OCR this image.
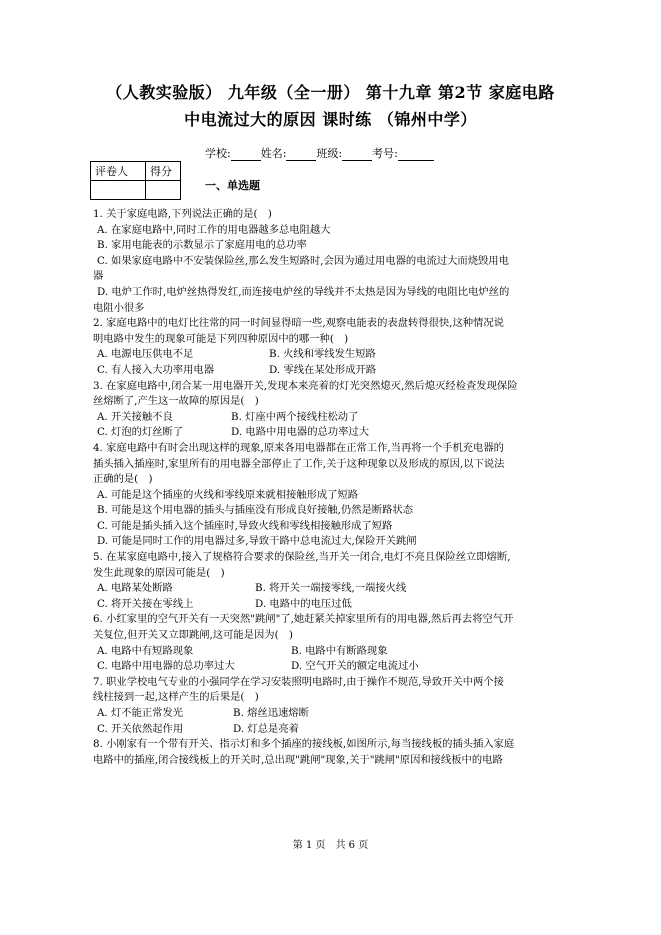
（人教实验版） 九年级（全一册） 第十九章 第2节 家庭电路
中电流过大的原因 课时练 （锦州中学）
学校:	姓名:	班级:	考号:
评卷人	得分

一、单选题
1. 关于家庭电路,下列说法正确的是(　)
A. 在家庭电路中,同时工作的用电器越多总电阻越大
B. 家用电能表的示数显示了家庭用电的总功率
C. 如果家庭电路中不安装保险丝,那么发生短路时,会因为通过用电器的电流过大而烧毁用电
器
D. 电炉工作时,电炉丝热得发红,而连接电炉丝的导线并不太热是因为导线的电阻比电炉丝的
电阻小很多
2. 家庭电路中的电灯比往常的同一时间显得暗一些,观察电能表的表盘转得很快,这种情况说
明电路中发生的现象可能是下列四种原因中的哪一种(　)
A. 电源电压供电不足	B. 火线和零线发生短路
C. 有人接入大功率用电器	D. 零线在某处形成开路
3. 在家庭电路中,闭合某一用电器开关,发现本来亮着的灯光突然熄灭,然后熄灭经检查发现保险
丝熔断了,产生这一故障的原因是(　)
A. 开关接触不良	B. 灯座中两个接线柱松动了
C. 灯泡的灯丝断了	D. 电路中用电器的总功率过大
4. 家庭电路中有时会出现这样的现象,原来各用电器都在正常工作,当再将一个手机充电器的
插头插入插座时,家里所有的用电器全部停止了工作,关于这种现象以及形成的原因,以下说法
正确的是(　)
A. 可能是这个插座的火线和零线原来就相接触形成了短路
B. 可能是这个用电器的插头与插座没有形成良好接触,仍然是断路状态
C. 可能是插头插入这个插座时,导致火线和零线相接触形成了短路
D. 可能是同时工作的用电器过多,导致干路中总电流过大,保险开关跳闸
5. 在某家庭电路中,接入了规格符合要求的保险丝,当开关一闭合,电灯不亮且保险丝立即熔断,
发生此现象的原因可能是(　)
A. 电路某处断路	B. 将开关一端接零线,一端接火线
C. 将开关接在零线上	D. 电路中的电压过低
6. 小红家里的空气开关有一天突然"跳闸"了,她赶紧关掉家里所有的用电器,然后再去将空气开
关复位,但开关又立即跳闸,这可能是因为(　)
A. 电路中有短路现象	B. 电路中有断路现象
C. 电路中用电器的总功率过大	D. 空气开关的额定电流过小
7. 职业学校电气专业的小强同学在学习安装照明电路时,由于操作不规范,导致开关中两个接
线柱接到一起,这样产生的后果是(　)
A. 灯不能正常发光	B. 熔丝迅速熔断
C. 开关依然起作用	D. 灯总是亮着
8. 小刚家有一个带有开关、指示灯和多个插座的接线板,如图所示,每当接线板的插头插入家庭
电路中的插座,闭合接线板上的开关时,总出现"跳闸"现象,关于"跳闸"原因和接线板中的电路
第 1 页　共 6 页
